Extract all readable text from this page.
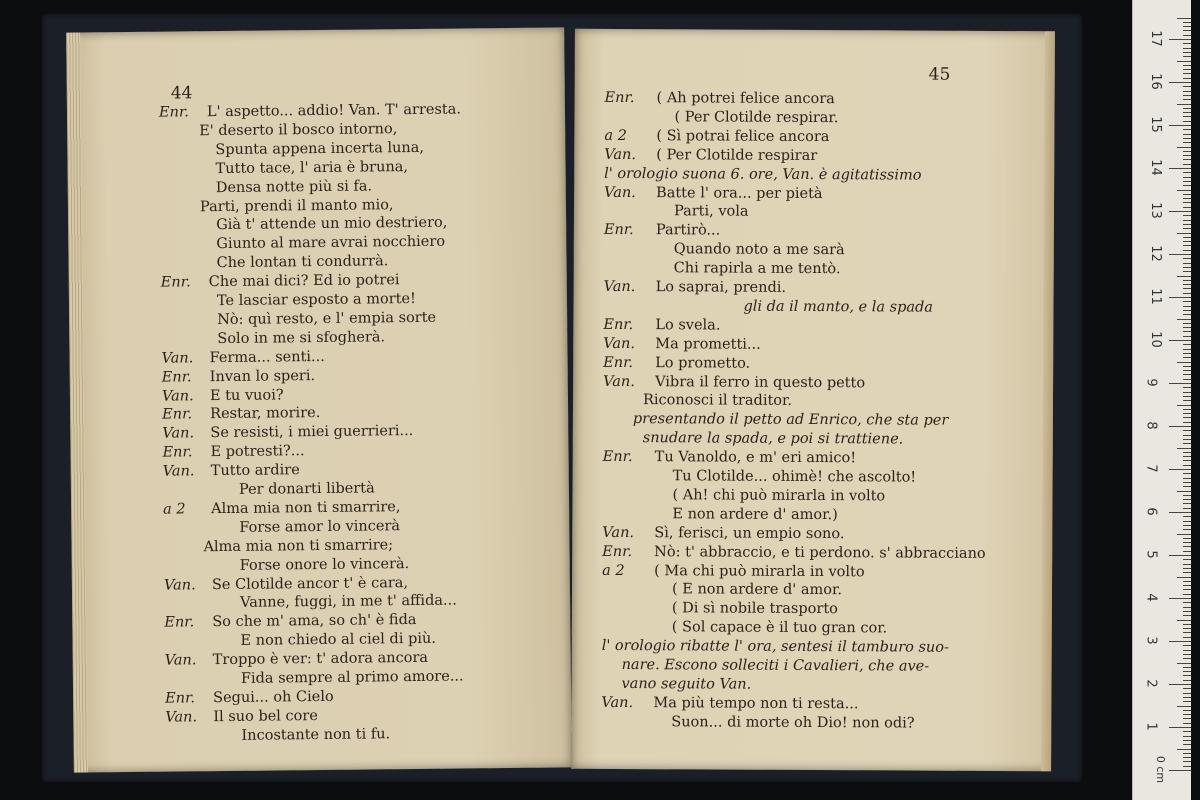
44
Enr. L' aspetto... addio! Van. T' arresta.
E' deserto il bosco intorno,
Spunta appena incerta luna,
Tutto tace, l' aria è bruna,
Densa notte più si fa.
Parti, prendi il manto mio,
Già t' attende un mio destriero,
Giunto al mare avrai nocchiero
Che lontan ti condurrà.
Enr. Che mai dici? Ed io potrei
Te lasciar esposto a morte!
Nò: quì resto, e l' empia sorte
Solo in me si sfogherà.
Van. Ferma... senti...
Enr. Invan lo speri.
Van. E tu vuoi?
Enr. Restar, morire.
Van. Se resisti, i miei guerrieri...
Enr. E potresti?...
Van. Tutto ardire
Per donarti libertà
a 2 Alma mia non ti smarrire,
Forse amor lo vincerà
Alma mia non ti smarrire;
Forse onore lo vincerà.
Van. Se Clotilde ancor t' è cara,
Vanne, fuggi, in me t' affida...
Enr. So che m' ama, so ch' è fida
E non chiedo al ciel di più.
Van. Troppo è ver: t' adora ancora
Fida sempre al primo amore...
Enr. Segui... oh Cielo
Van. Il suo bel core
Incostante non ti fu.
45
Enr. ( Ah potrei felice ancora
( Per Clotilde respirar.
a 2 ( Sì potrai felice ancora
Van. ( Per Clotilde respirar
l' orologio suona 6. ore, Van. è agitatissimo
Van. Batte l' ora... per pietà
Parti, vola
Enr. Partirò...
Quando noto a me sarà
Chi rapirla a me tentò.
Van. Lo saprai, prendi.
gli da il manto, e la spada
Enr. Lo svela.
Van. Ma prometti...
Enr. Lo prometto.
Van. Vibra il ferro in questo petto
Riconosci il traditor.
presentando il petto ad Enrico, che sta per
snudare la spada, e poi si trattiene.
Enr. Tu Vanoldo, e m' eri amico!
Tu Clotilde... ohimè! che ascolto!
( Ah! chi può mirarla in volto
E non ardere d' amor.)
Van. Sì, ferisci, un empio sono.
Enr. Nò: t' abbraccio, e ti perdono. s' abbracciano
a 2 ( Ma chi può mirarla in volto
( E non ardere d' amor.
( Di sì nobile trasporto
( Sol capace è il tuo gran cor.
l' orologio ribatte l' ora, sentesi il tamburo suo-
nare. Escono solleciti i Cavalieri, che ave-
vano seguito Van.
Van. Ma più tempo non ti resta...
Suon... di morte oh Dio! non odi?	1
2
3
4
5
6
7
8
9
10
11
12
13
14
15
16
17
0 cm
